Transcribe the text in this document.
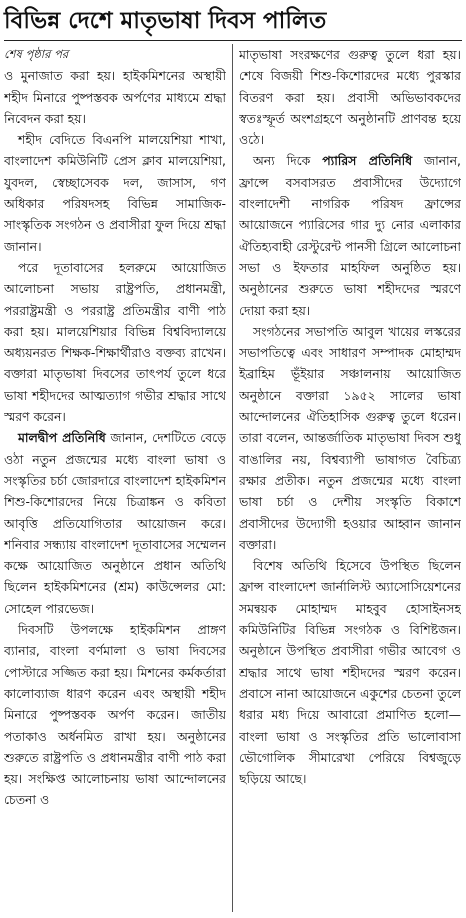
বিভিন্ন দেশে মাতৃভাষা দিবস পালিত

শেষ পৃষ্ঠার পর

ও মুনাজাত করা হয়। হাইকমিশনের অস্থায়ী শহীদ মিনারে পুষ্পস্তবক অর্পণের মাধ্যমে শ্রদ্ধা নিবেদন করা হয়।

শহীদ বেদিতে বিএনপি মালয়েশিয়া শাখা, বাংলাদেশ কমিউনিটি প্রেস ক্লাব মালয়েশিয়া, যুবদল, স্বেচ্ছাসেবক দল, জাসাস, গণ অধিকার পরিষদসহ বিভিন্ন সামাজিক-সাংস্কৃতিক সংগঠন ও প্রবাসীরা ফুল দিয়ে শ্রদ্ধা জানান।

পরে দূতাবাসের হলরুমে আয়োজিত আলোচনা সভায় রাষ্ট্রপতি, প্রধানমন্ত্রী, পররাষ্ট্রমন্ত্রী ও পররাষ্ট্র প্রতিমন্ত্রীর বাণী পাঠ করা হয়। মালয়েশিয়ার বিভিন্ন বিশ্ববিদ্যালয়ে অধ্যয়নরত শিক্ষক-শিক্ষার্থীরাও বক্তব্য রাখেন। বক্তারা মাতৃভাষা দিবসের তাৎপর্য তুলে ধরে ভাষা শহীদদের আত্মত্যাগ গভীর শ্রদ্ধার সাথে স্মরণ করেন।

মালদ্বীপ প্রতিনিধি জানান, দেশটিতে বেড়ে ওঠা নতুন প্রজন্মের মধ্যে বাংলা ভাষা ও সংস্কৃতির চর্চা জোরদারে বাংলাদেশ হাইকমিশন শিশু-কিশোরদের নিয়ে চিত্রাঙ্কন ও কবিতা আবৃত্তি প্রতিযোগিতার আয়োজন করে। শনিবার সন্ধ্যায় বাংলাদেশ দূতাবাসের সম্মেলন কক্ষে আয়োজিত অনুষ্ঠানে প্রধান অতিথি ছিলেন হাইকমিশনের (শ্রম) কাউন্সেলর মো: সোহেল পারভেজ।

দিবসটি উপলক্ষে হাইকমিশন প্রাঙ্গণ ব্যানার, বাংলা বর্ণমালা ও ভাষা দিবসের পোস্টারে সজ্জিত করা হয়। মিশনের কর্মকর্তারা কালোব্যাজ ধারণ করেন এবং অস্থায়ী শহীদ মিনারে পুষ্পস্তবক অর্পণ করেন। জাতীয় পতাকাও অর্ধনমিত রাখা হয়। অনুষ্ঠানের শুরুতে রাষ্ট্রপতি ও প্রধানমন্ত্রীর বাণী পাঠ করা হয়। সংক্ষিপ্ত আলোচনায় ভাষা আন্দোলনের চেতনা ও

মাতৃভাষা সংরক্ষণের গুরুত্ব তুলে ধরা হয়। শেষে বিজয়ী শিশু-কিশোরদের মধ্যে পুরস্কার বিতরণ করা হয়। প্রবাসী অভিভাবকদের স্বতঃস্ফূর্ত অংশগ্রহণে অনুষ্ঠানটি প্রাণবন্ত হয়ে ওঠে।

অন্য দিকে প্যারিস প্রতিনিধি জানান, ফ্রান্সে বসবাসরত প্রবাসীদের উদ্যোগে বাংলাদেশী নাগরিক পরিষদ ফ্রান্সের আয়োজনে প্যারিসের গার দ্যু নোর এলাকার ঐতিহ্যবাহী রেস্টুরেন্ট পানসী গ্রিলে আলোচনা সভা ও ইফতার মাহফিল অনুষ্ঠিত হয়। অনুষ্ঠানের শুরুতে ভাষা শহীদদের স্মরণে দোয়া করা হয়।

সংগঠনের সভাপতি আবুল খায়ের লস্করের সভাপতিত্বে এবং সাধারণ সম্পাদক মোহাম্মদ ইব্রাহিম ভূঁইয়ার সঞ্চালনায় আয়োজিত অনুষ্ঠানে বক্তারা ১৯৫২ সালের ভাষা আন্দোলনের ঐতিহাসিক গুরুত্ব তুলে ধরেন। তারা বলেন, আন্তর্জাতিক মাতৃভাষা দিবস শুধু বাঙালির নয়, বিশ্বব্যাপী ভাষাগত বৈচিত্র্য রক্ষার প্রতীক। নতুন প্রজন্মের মধ্যে বাংলা ভাষা চর্চা ও দেশীয় সংস্কৃতি বিকাশে প্রবাসীদের উদ্যোগী হওয়ার আহ্বান জানান বক্তারা।

বিশেষ অতিথি হিসেবে উপস্থিত ছিলেন ফ্রান্স বাংলাদেশ জার্নালিস্ট অ্যাসোসিয়েশনের সমন্বয়ক মোহাম্মদ মাহবুব হোসাইনসহ কমিউনিটির বিভিন্ন সংগঠক ও বিশিষ্টজন। অনুষ্ঠানে উপস্থিত প্রবাসীরা গভীর আবেগ ও শ্রদ্ধার সাথে ভাষা শহীদদের স্মরণ করেন। প্রবাসে নানা আয়োজনে একুশের চেতনা তুলে ধরার মধ্য দিয়ে আবারো প্রমাণিত হলো— বাংলা ভাষা ও সংস্কৃতির প্রতি ভালোবাসা ভৌগোলিক সীমারেখা পেরিয়ে বিশ্বজুড়ে ছড়িয়ে আছে।
